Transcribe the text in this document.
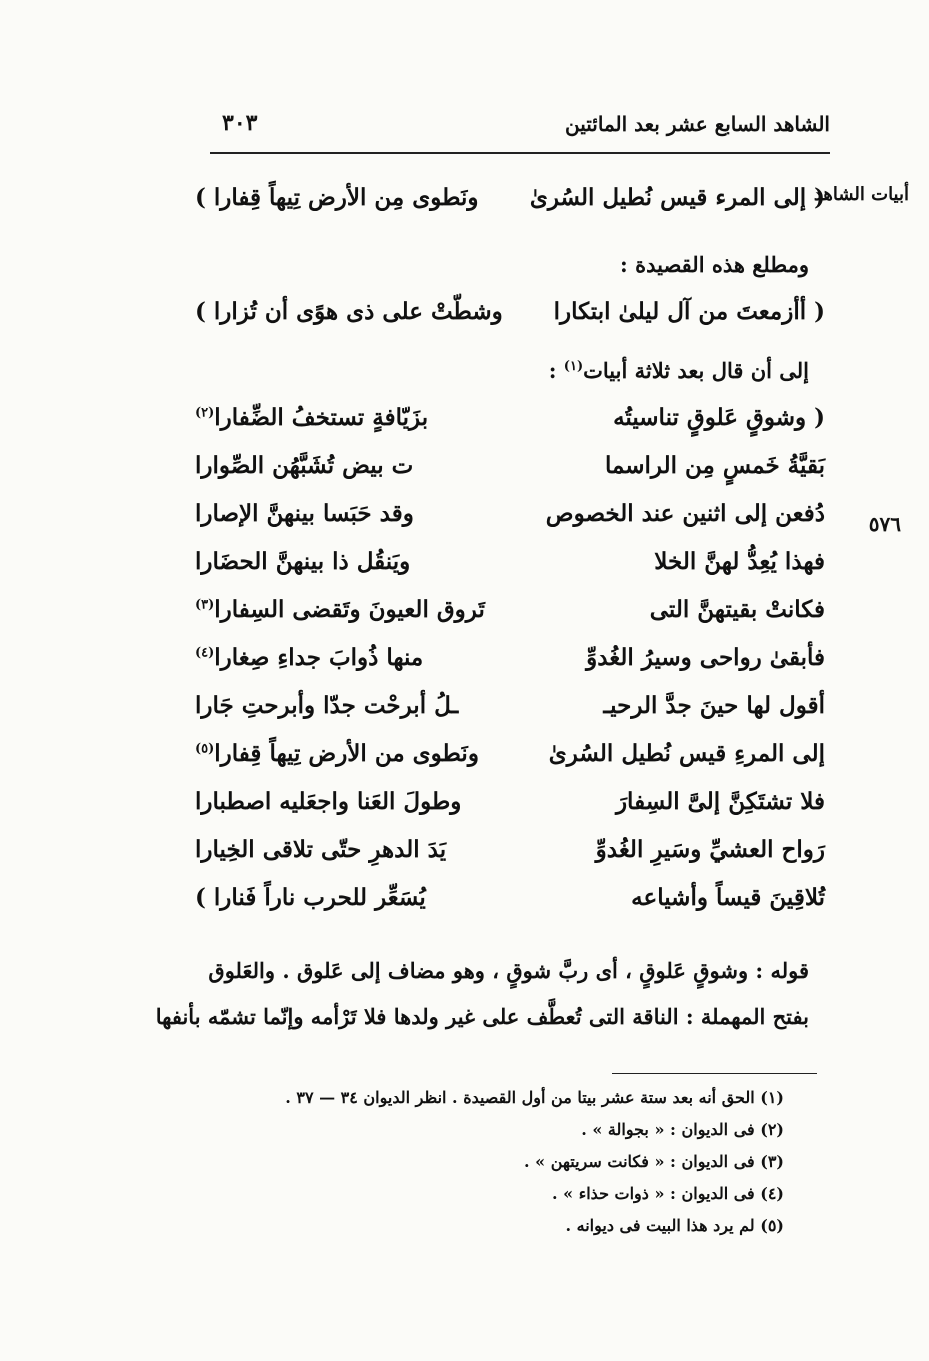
الشاهد السابع عشر بعد المائتين
٣٠٣
أبيات الشاهد
٥٧٦
( إلى المرء قيس نُطيل السُرىٰ
ونَطوى مِن الأرض تِيهاً قِفارا )
ومطلع هذه القصيدة :
( أأزمعتَ من آل ليلىٰ ابتكارا
وشطّتْ على ذى هوًى أن تُزارا )
إلى أن قال بعد ثلاثة أبيات$^{(١)}$ :
( وشوقٍ عَلوقٍ تناسيتُه
بزَيّافةٍ تستخفُ الضِّفارا$^{(٢)}$
بَقيَّةُ خَمسٍ مِن الراسما
ت بيض تُشَبَّهُن الصِّوارا
دُفعن إلى اثنين عند الخصوص
وقد حَبَسا بينهنَّ الإصارا
فهذا يُعِدُّ لهنَّ الخلا
ويَنقُل ذا بينهنَّ الحضَارا
فكانتْ بقيتهنَّ التى
تَروق العيونَ وتَقضى السِفارا$^{(٣)}$
فأبقىٰ رواحى وسيرُ الغُدوِّ
منها ذُوابَ جداءِ صِغارا$^{(٤)}$
أقول لها حينَ جدَّ الرحيـ
ـلُ أبرحْت جدّا وأبرحتِ جَارا
إلى المرءِ قيس نُطيل السُرىٰ
ونَطوى من الأرض تِيهاً قِفارا$^{(٥)}$
فلا تشتَكِنَّ إلىَّ السِفارَ
وطولَ العَنا واجعَليه اصطبارا
رَواح العشيِّ وسَيرِ الغُدوِّ
يَدَ الدهرِ حتّى تلاقى الخِيارا
تُلاقِينَ قيساً وأشياعه
يُسَعِّر للحرب ناراً فَنارا )
قوله : وشوقٍ عَلوقٍ ، أى ربَّ شوقٍ ، وهو مضاف إلى عَلوق . والعَلوق
بفتح المهملة : الناقة التى تُعطَّف على غير ولدها فلا تَرْأمه وإنّما تشمّه بأنفها
(١) الحق أنه بعد ستة عشر بيتا من أول القصيدة . انظر الديوان ٣٤ — ٣٧ .
(٢) فى الديوان : « بجوالة » .
(٣) فى الديوان : « فكانت سريتهن » .
(٤) فى الديوان : « ذوات حذاء » .
(٥) لم يرد هذا البيت فى ديوانه .
